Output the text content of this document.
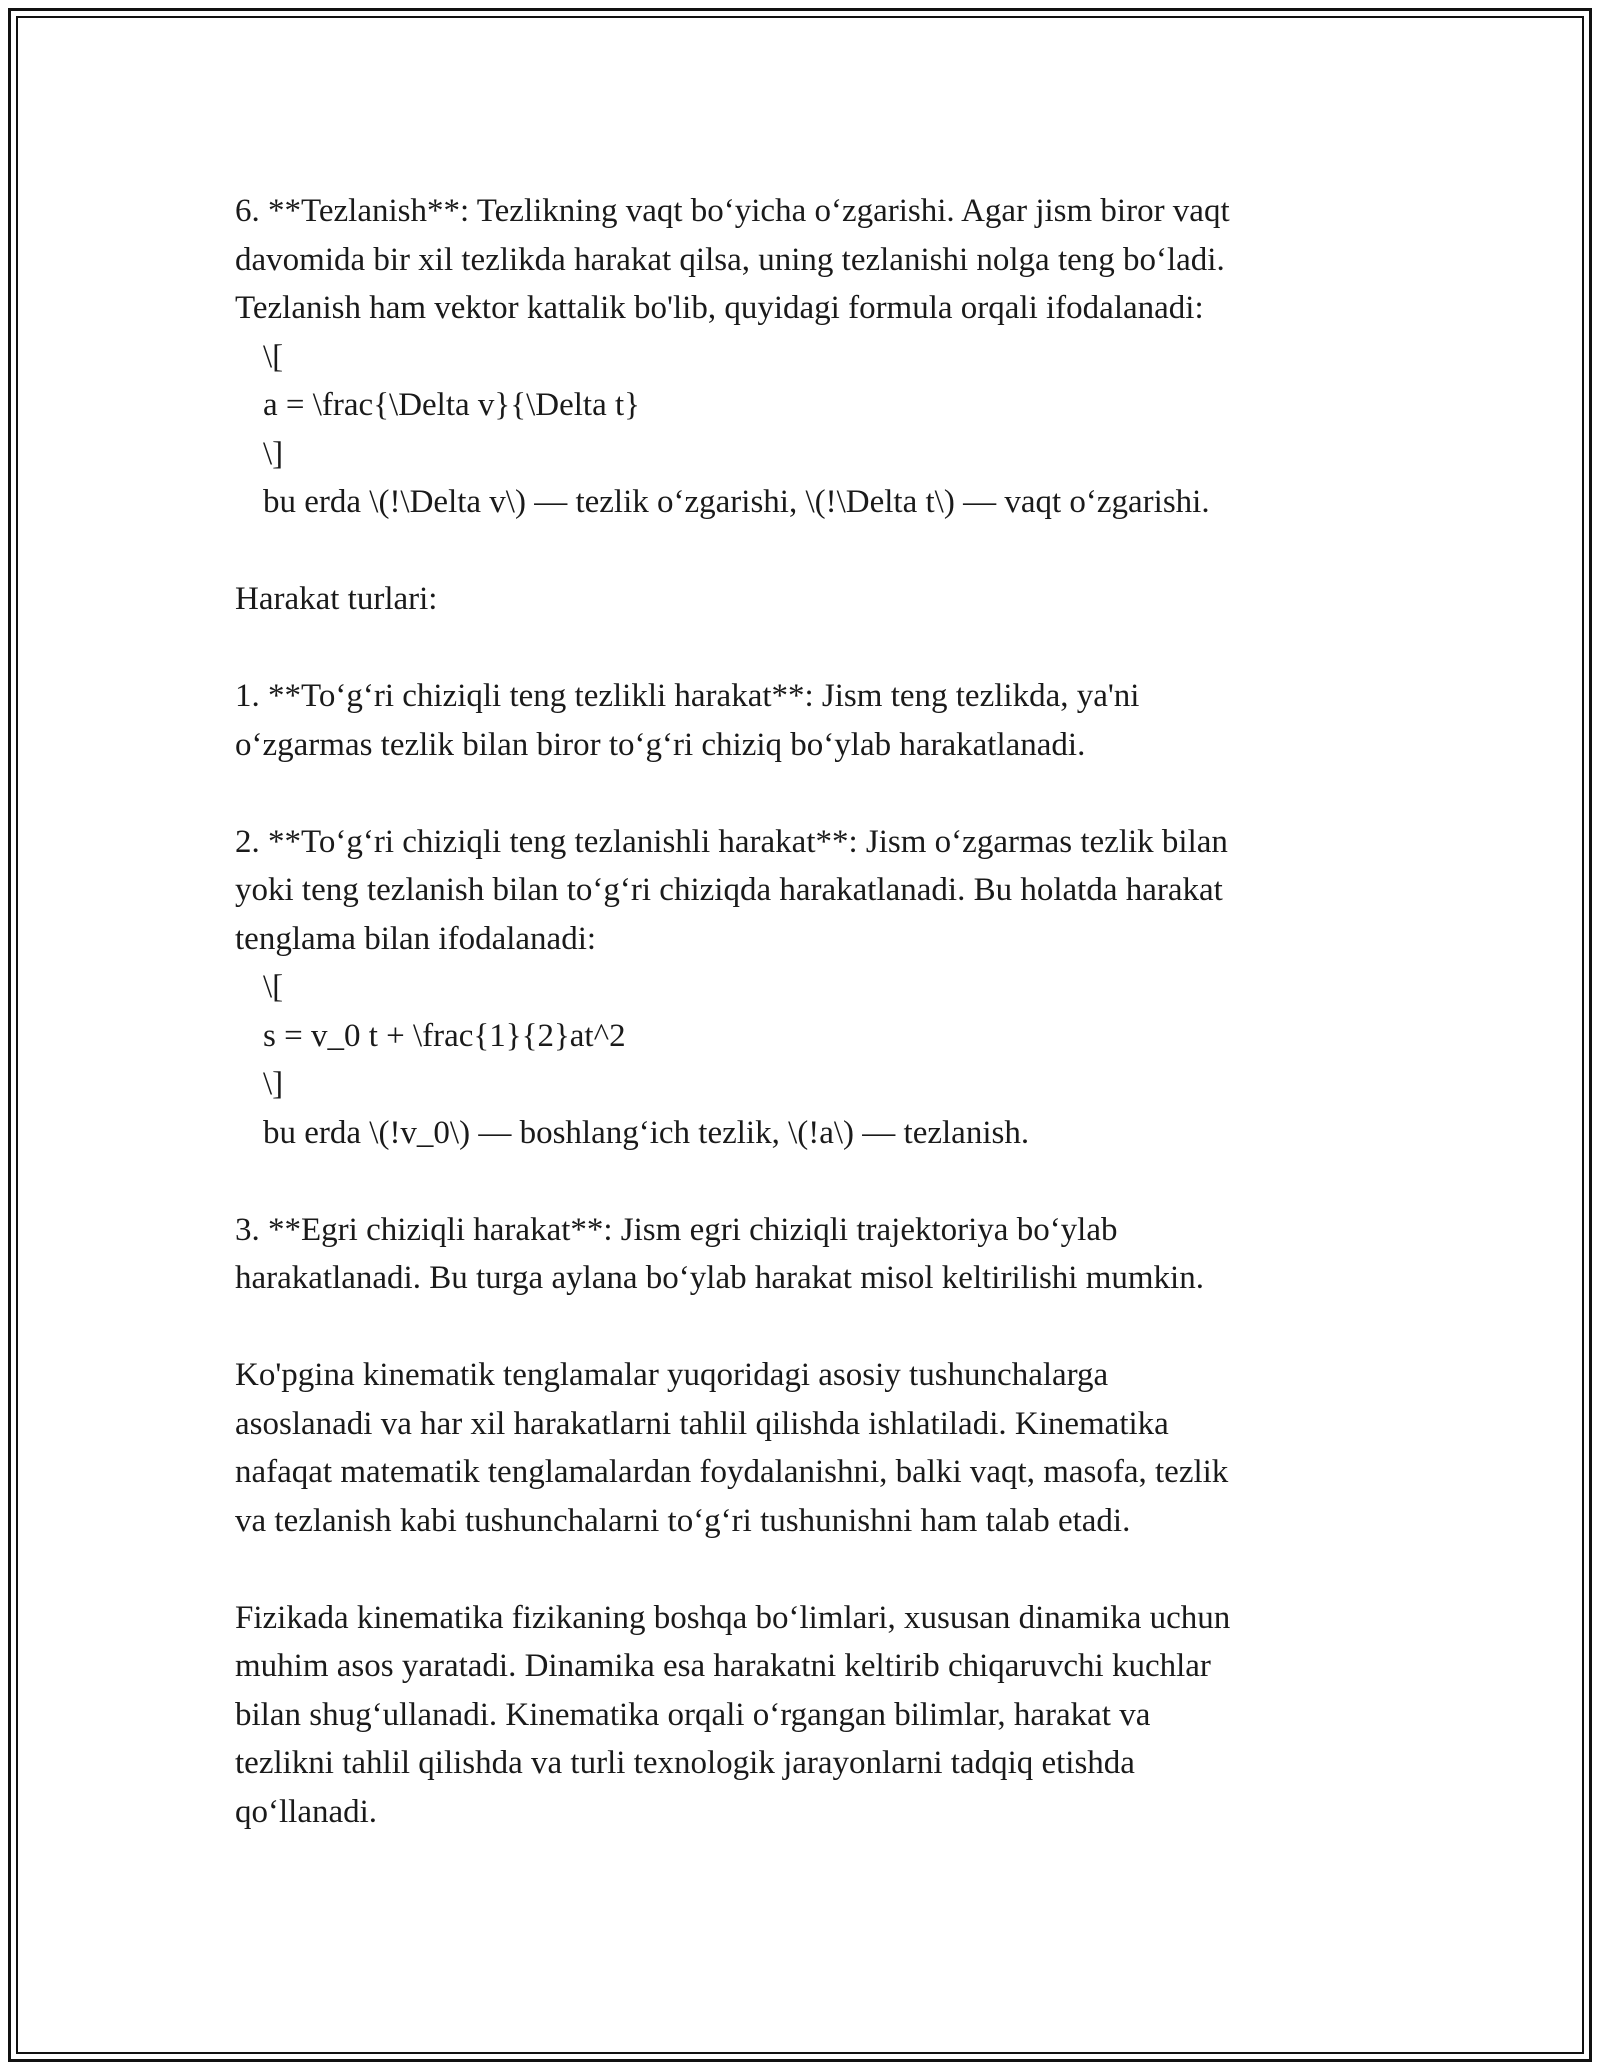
6. **Tezlanish**: Tezlikning vaqt bo‘yicha o‘zgarishi. Agar jism biror vaqt
davomida bir xil tezlikda harakat qilsa, uning tezlanishi nolga teng bo‘ladi.
Tezlanish ham vektor kattalik bo'lib, quyidagi formula orqali ifodalanadi:
\[
a = \frac{\Delta v}{\Delta t}
\]
bu erda \(!\Delta v\) — tezlik o‘zgarishi, \(!\Delta t\) — vaqt o‘zgarishi.
Harakat turlari:
1. **To‘g‘ri chiziqli teng tezlikli harakat**: Jism teng tezlikda, ya'ni
o‘zgarmas tezlik bilan biror to‘g‘ri chiziq bo‘ylab harakatlanadi.
2. **To‘g‘ri chiziqli teng tezlanishli harakat**: Jism o‘zgarmas tezlik bilan
yoki teng tezlanish bilan to‘g‘ri chiziqda harakatlanadi. Bu holatda harakat
tenglama bilan ifodalanadi:
\[
s = v_0 t + \frac{1}{2}at^2
\]
bu erda \(!v_0\) — boshlang‘ich tezlik, \(!a\) — tezlanish.
3. **Egri chiziqli harakat**: Jism egri chiziqli trajektoriya bo‘ylab
harakatlanadi. Bu turga aylana bo‘ylab harakat misol keltirilishi mumkin.
Ko'pgina kinematik tenglamalar yuqoridagi asosiy tushunchalarga
asoslanadi va har xil harakatlarni tahlil qilishda ishlatiladi. Kinematika
nafaqat matematik tenglamalardan foydalanishni, balki vaqt, masofa, tezlik
va tezlanish kabi tushunchalarni to‘g‘ri tushunishni ham talab etadi.
Fizikada kinematika fizikaning boshqa bo‘limlari, xususan dinamika uchun
muhim asos yaratadi. Dinamika esa harakatni keltirib chiqaruvchi kuchlar
bilan shug‘ullanadi. Kinematika orqali o‘rgangan bilimlar, harakat va
tezlikni tahlil qilishda va turli texnologik jarayonlarni tadqiq etishda
qo‘llanadi.
